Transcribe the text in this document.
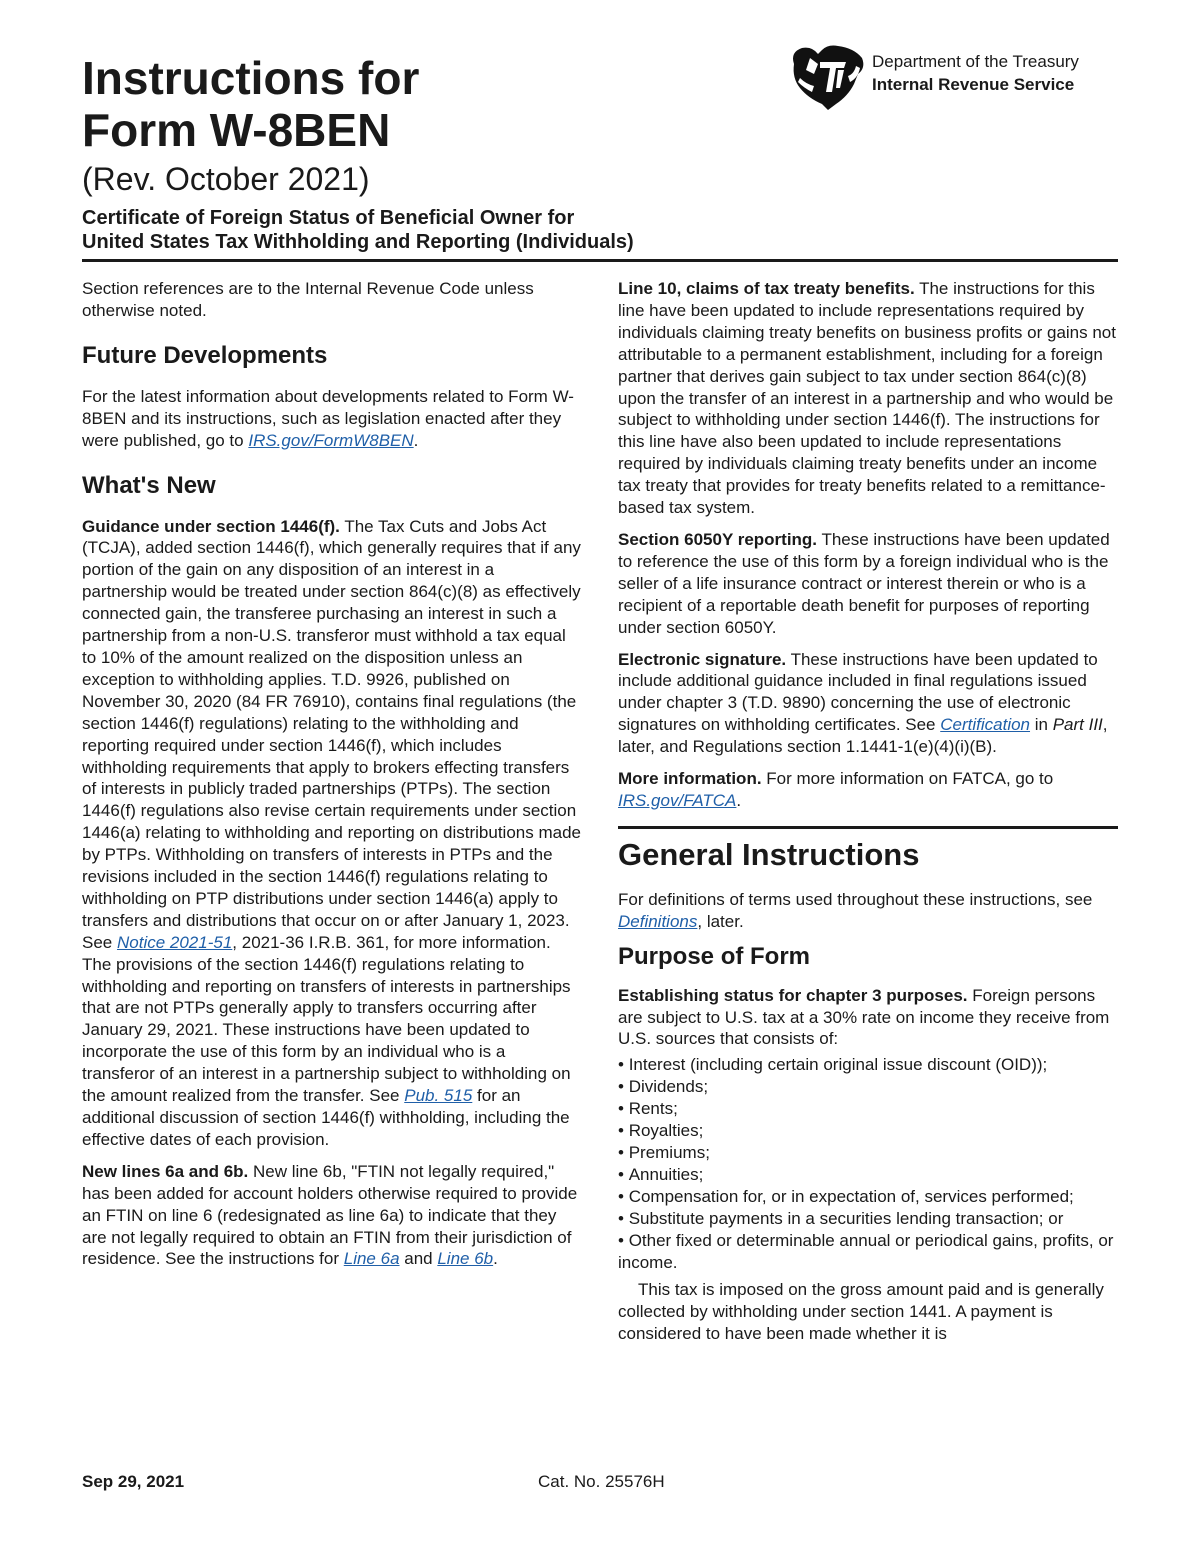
Instructions for
Form W-8BEN
(Rev. October 2021)
Certificate of Foreign Status of Beneficial Owner for
United States Tax Withholding and Reporting (Individuals)
Department of the Treasury
Internal Revenue Service

Section references are to the Internal Revenue Code unless otherwise noted.

Future Developments

For the latest information about developments related to Form W-8BEN and its instructions, such as legislation enacted after they were published, go to IRS.gov/FormW8BEN.

What's New

Guidance under section 1446(f). The Tax Cuts and Jobs Act (TCJA), added section 1446(f), which generally requires that if any portion of the gain on any disposition of an interest in a partnership would be treated under section 864(c)(8) as effectively connected gain, the transferee purchasing an interest in such a partnership from a non-U.S. transferor must withhold a tax equal to 10% of the amount realized on the disposition unless an exception to withholding applies. T.D. 9926, published on November 30, 2020 (84 FR 76910), contains final regulations (the section 1446(f) regulations) relating to the withholding and reporting required under section 1446(f), which includes withholding requirements that apply to brokers effecting transfers of interests in publicly traded partnerships (PTPs). The section 1446(f) regulations also revise certain requirements under section 1446(a) relating to withholding and reporting on distributions made by PTPs. Withholding on transfers of interests in PTPs and the revisions included in the section 1446(f) regulations relating to withholding on PTP distributions under section 1446(a) apply to transfers and distributions that occur on or after January 1, 2023. See Notice 2021-51, 2021-36 I.R.B. 361, for more information. The provisions of the section 1446(f) regulations relating to withholding and reporting on transfers of interests in partnerships that are not PTPs generally apply to transfers occurring after January 29, 2021. These instructions have been updated to incorporate the use of this form by an individual who is a transferor of an interest in a partnership subject to withholding on the amount realized from the transfer. See Pub. 515 for an additional discussion of section 1446(f) withholding, including the effective dates of each provision.

New lines 6a and 6b. New line 6b, "FTIN not legally required," has been added for account holders otherwise required to provide an FTIN on line 6 (redesignated as line 6a) to indicate that they are not legally required to obtain an FTIN from their jurisdiction of residence. See the instructions for Line 6a and Line 6b.

Line 10, claims of tax treaty benefits. The instructions for this line have been updated to include representations required by individuals claiming treaty benefits on business profits or gains not attributable to a permanent establishment, including for a foreign partner that derives gain subject to tax under section 864(c)(8) upon the transfer of an interest in a partnership and who would be subject to withholding under section 1446(f). The instructions for this line have also been updated to include representations required by individuals claiming treaty benefits under an income tax treaty that provides for treaty benefits related to a remittance-based tax system.

Section 6050Y reporting. These instructions have been updated to reference the use of this form by a foreign individual who is the seller of a life insurance contract or interest therein or who is a recipient of a reportable death benefit for purposes of reporting under section 6050Y.

Electronic signature. These instructions have been updated to include additional guidance included in final regulations issued under chapter 3 (T.D. 9890) concerning the use of electronic signatures on withholding certificates. See Certification in Part III, later, and Regulations section 1.1441-1(e)(4)(i)(B).

More information. For more information on FATCA, go to IRS.gov/FATCA.

General Instructions

For definitions of terms used throughout these instructions, see Definitions, later.

Purpose of Form

Establishing status for chapter 3 purposes. Foreign persons are subject to U.S. tax at a 30% rate on income they receive from U.S. sources that consists of:

• Interest (including certain original issue discount (OID));
• Dividends;
• Rents;
• Royalties;
• Premiums;
• Annuities;
• Compensation for, or in expectation of, services performed;
• Substitute payments in a securities lending transaction; or
• Other fixed or determinable annual or periodical gains, profits, or income.

This tax is imposed on the gross amount paid and is generally collected by withholding under section 1441. A payment is considered to have been made whether it is

Sep 29, 2021	Cat. No. 25576H
